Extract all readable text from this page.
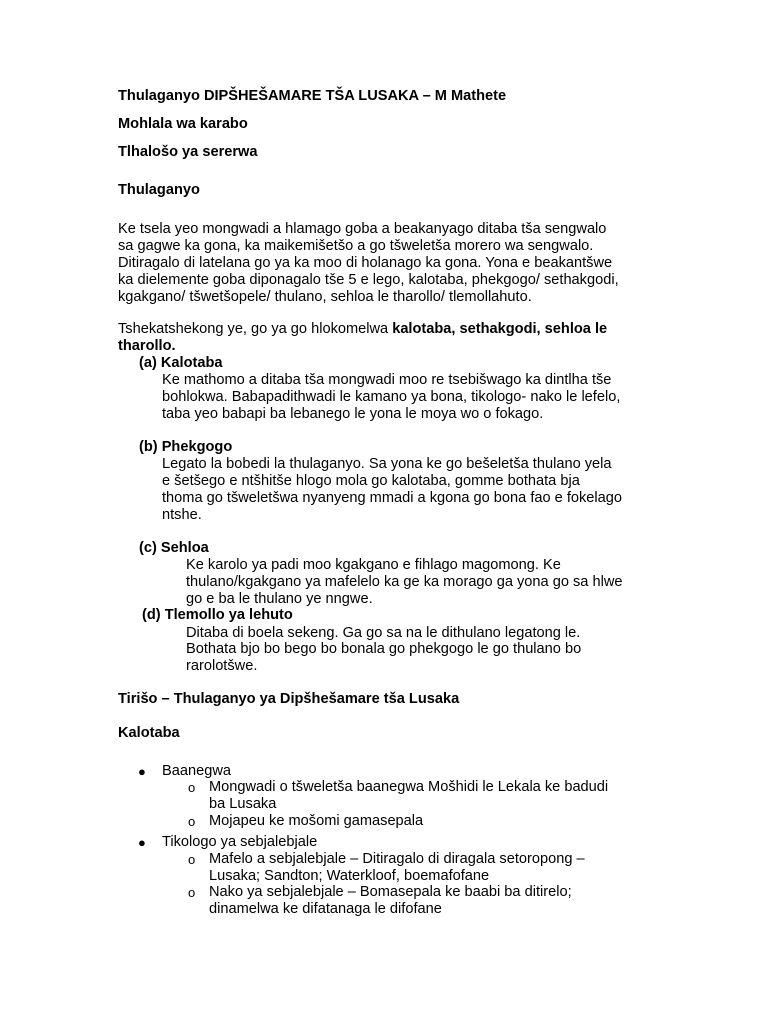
Thulaganyo DIPŠHEŠAMARE TŠA LUSAKA – M Mathete
Mohlala wa karabo
Tlhalošo ya sererwa
Thulaganyo
Ke tsela yeo mongwadi a hlamago goba a beakanyago ditaba tša sengwalo
sa gagwe ka gona, ka maikemišetšo a go tšweletša morero wa sengwalo.
Ditiragalo di latelana go ya ka moo di holanago ka gona. Yona e beakantšwe
ka dielemente goba diponagalo tše 5 e lego, kalotaba, phekgogo/ sethakgodi,
kgakgano/ tšwetšopele/ thulano, sehloa le tharollo/ tlemollahuto.
Tshekatshekong ye, go ya go hlokomelwa kalotaba, sethakgodi, sehloa le
tharollo.
(a) Kalotaba
Ke mathomo a ditaba tša mongwadi moo re tsebišwago ka dintlha tše
bohlokwa. Babapadithwadi le kamano ya bona, tikologo- nako le lefelo,
taba yeo babapi ba lebanego le yona le moya wo o fokago.
(b) Phekgogo
Legato la bobedi la thulaganyo. Sa yona ke go bešeletša thulano yela
e šetšego e ntšhitše hlogo mola go kalotaba, gomme bothata bja
thoma go tšweletšwa nyanyeng mmadi a kgona go bona fao e fokelago
ntshe.
(c) Sehloa
Ke karolo ya padi moo kgakgano e fihlago magomong. Ke
thulano/kgakgano ya mafelelo ka ge ka morago ga yona go sa hlwe
go e ba le thulano ye nngwe.
(d) Tlemollo ya lehuto
Ditaba di boela sekeng. Ga go sa na le dithulano legatong le.
Bothata bjo bo bego bo bonala go phekgogo le go thulano bo
rarolotšwe.
Tirišo – Thulaganyo ya Dipšhešamare tša Lusaka
Kalotaba
● Baanegwa
o Mongwadi o tšweletša baanegwa Mošhidi le Lekala ke badudi
ba Lusaka
o Mojapeu ke mošomi gamasepala
● Tikologo ya sebjalebjale
o Mafelo a sebjalebjale – Ditiragalo di diragala setoropong –
Lusaka; Sandton; Waterkloof, boemafofane
o Nako ya sebjalebjale – Bomasepala ke baabi ba ditirelo;
dinamelwa ke difatanaga le difofane
